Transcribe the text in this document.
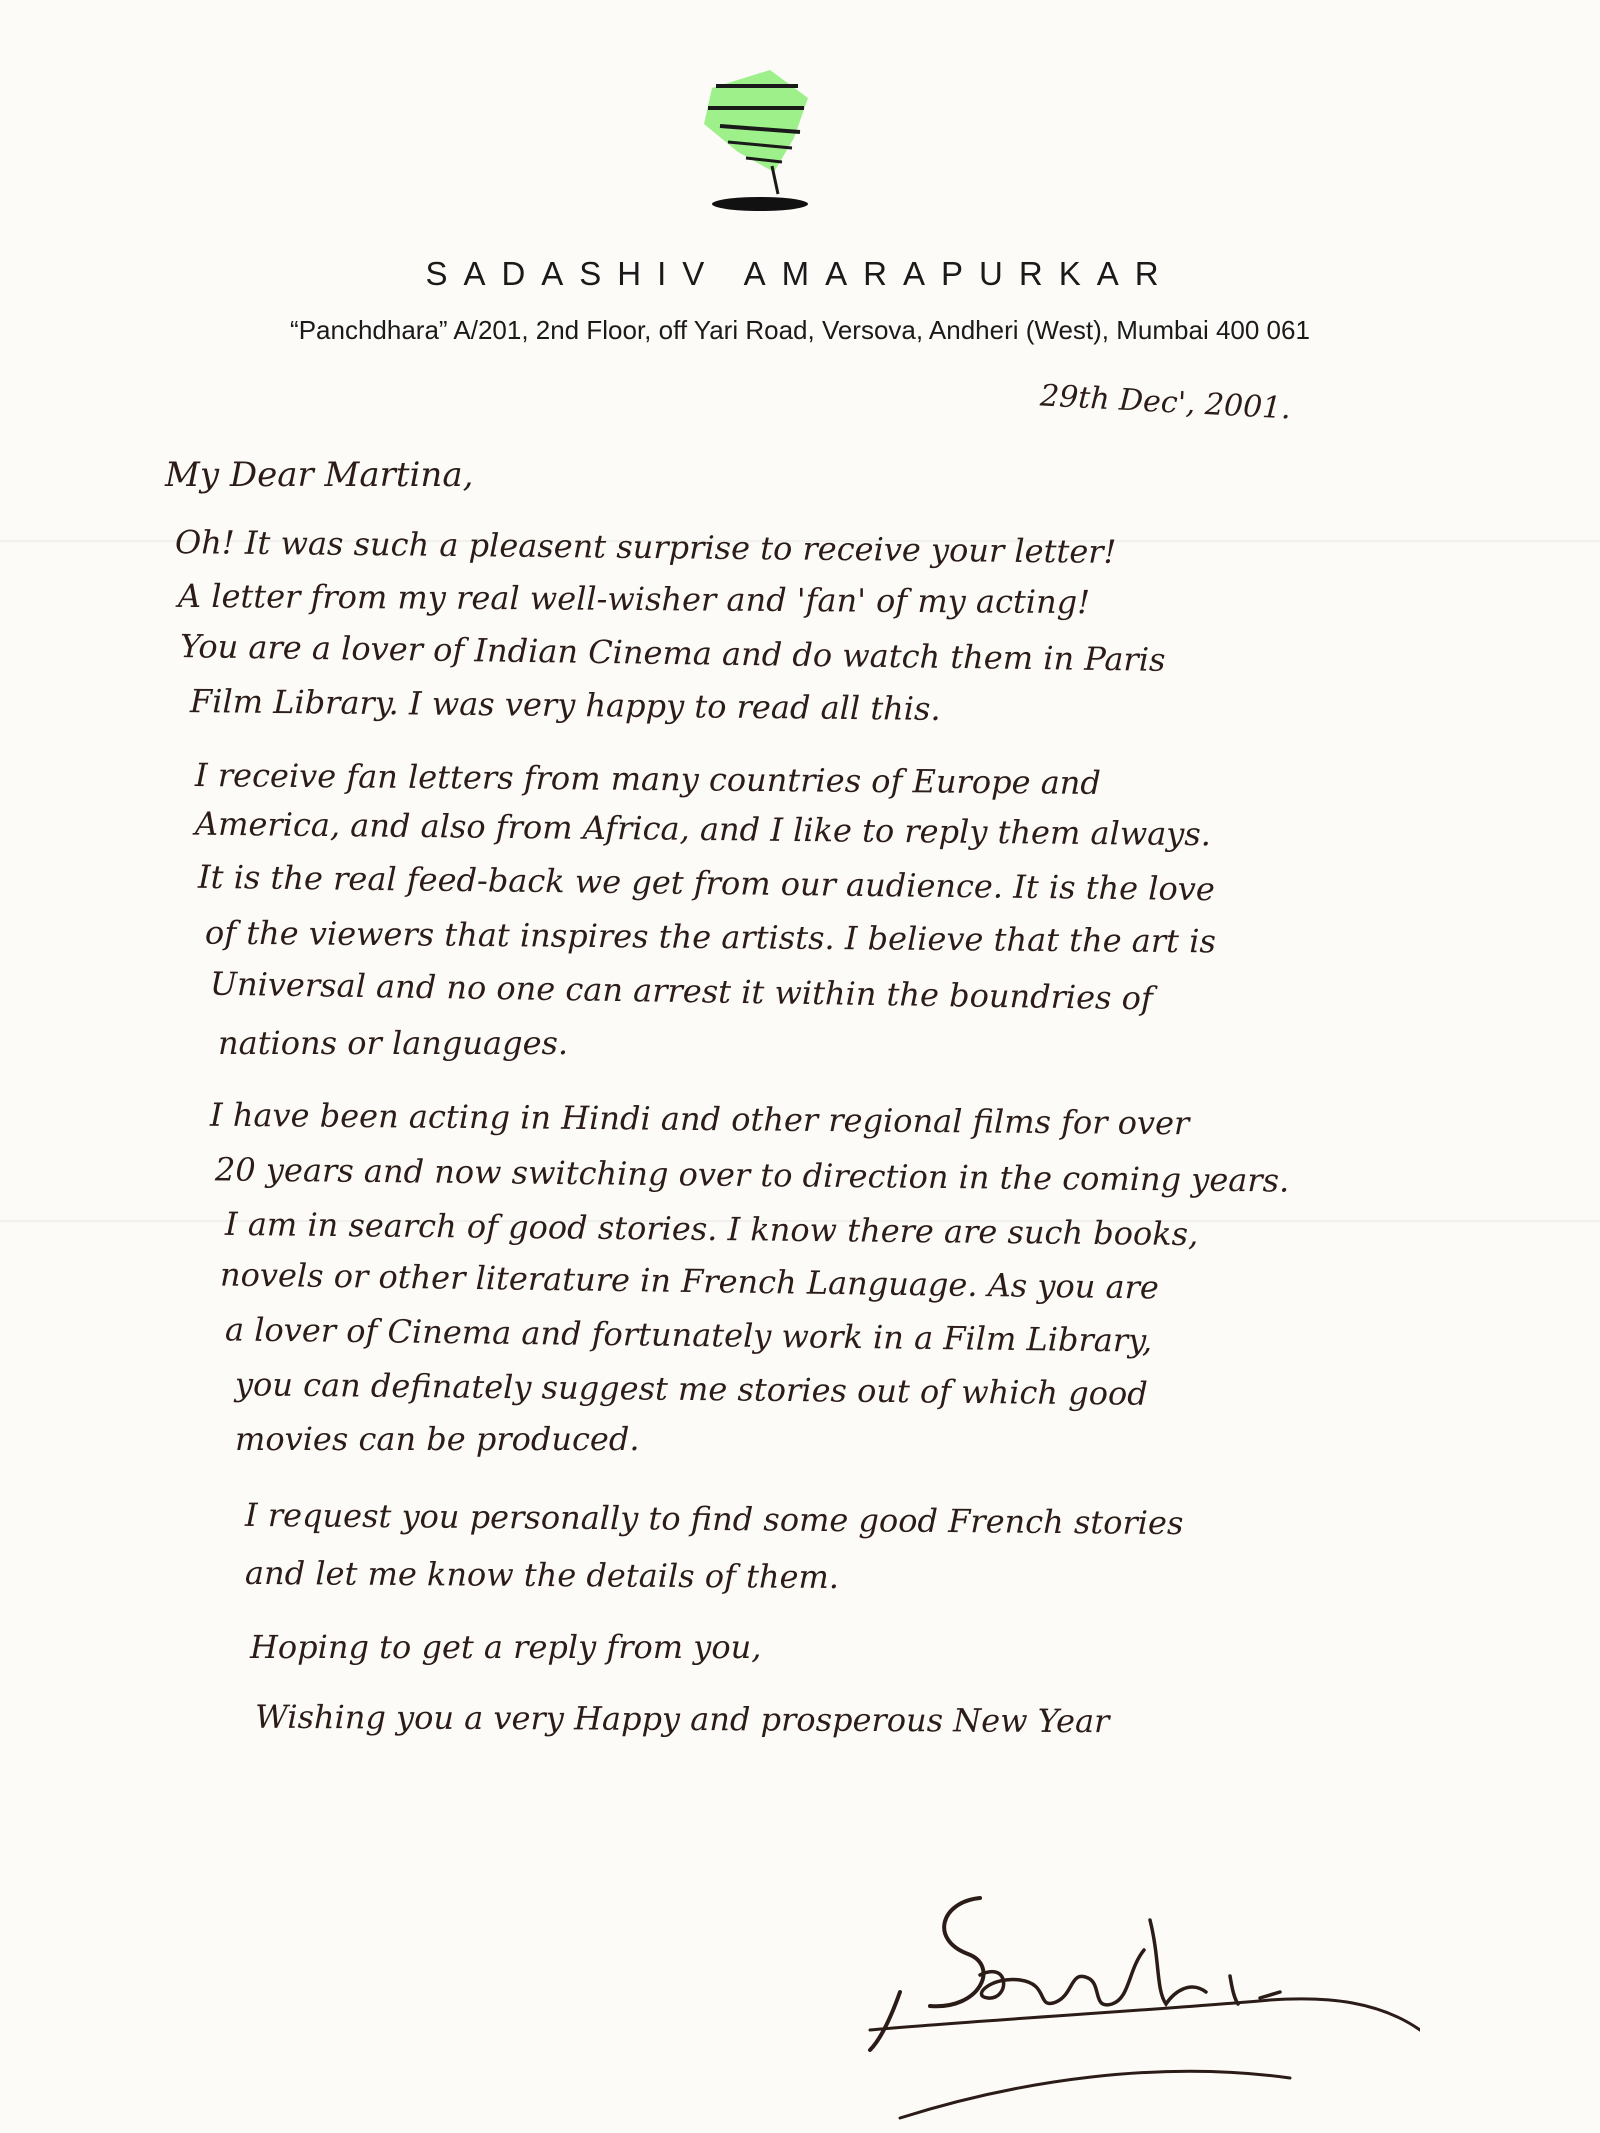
SADASHIV AMARAPURKAR
“Panchdhara” A/201, 2nd Floor, off Yari Road, Versova, Andheri (West), Mumbai 400 061
29th Dec', 2001.
My Dear Martina,
Oh! It was such a pleasent surprise to receive your letter!
A letter from my real well-wisher and 'fan' of my acting!
You are a lover of Indian Cinema and do watch them in Paris
Film Library. I was very happy to read all this.
I receive fan letters from many countries of Europe and
America, and also from Africa, and I like to reply them always.
It is the real feed-back we get from our audience. It is the love
of the viewers that inspires the artists. I believe that the art is
Universal and no one can arrest it within the boundries of
nations or languages.
I have been acting in Hindi and other regional films for over
20 years and now switching over to direction in the coming years.
I am in search of good stories. I know there are such books,
novels or other literature in French Language. As you are
a lover of Cinema and fortunately work in a Film Library,
you can definately suggest me stories out of which good
movies can be produced.
I request you personally to find some good French stories
and let me know the details of them.
Hoping to get a reply from you,
Wishing you a very Happy and prosperous New Year
